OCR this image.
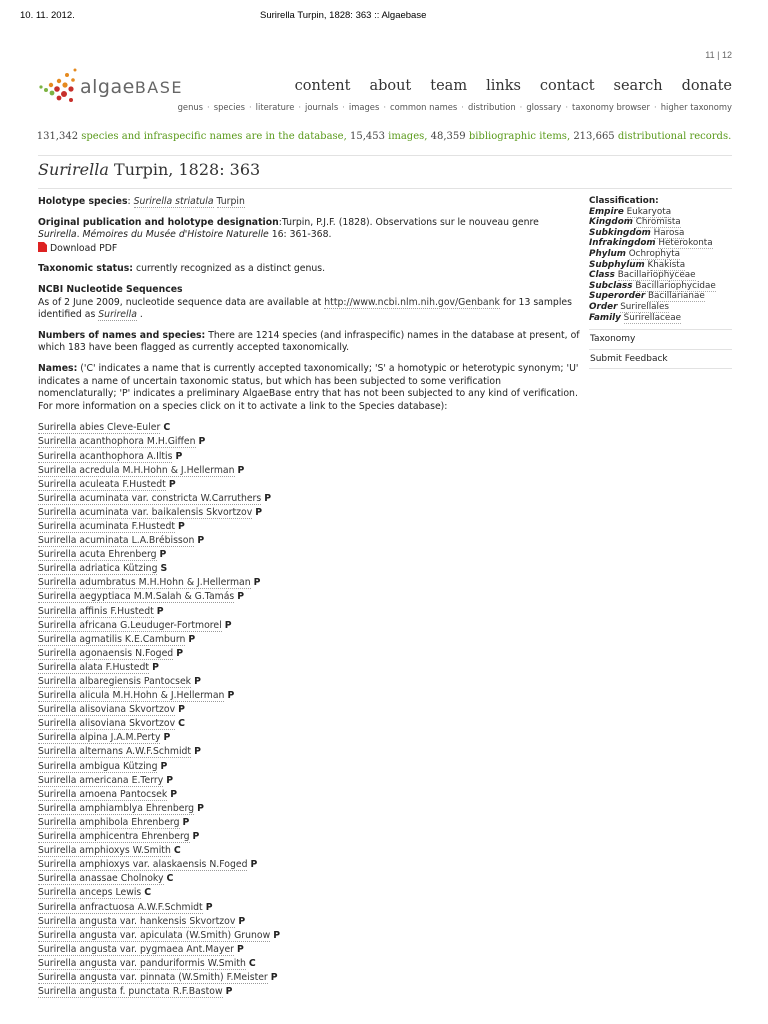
10. 11. 2012.	Surirella Turpin, 1828: 363 :: Algaebase
11 | 12
algaeBASE	content about team links contact search donate
genus · species · literature · journals · images · common names · distribution · glossary · taxonomy browser · higher taxonomy
131,342 species and infraspecific names are in the database, 15,453 images, 48,359 bibliographic items, 213,665 distributional records.
Surirella Turpin, 1828: 363

Holotype species: Surirella striatula Turpin

Original publication and holotype designation:Turpin, P.J.F. (1828). Observations sur le nouveau genre Surirella. Mémoires du Musée d'Histoire Naturelle 16: 361-368.
Download PDF

Taxonomic status: currently recognized as a distinct genus.

NCBI Nucleotide Sequences
As of 2 June 2009, nucleotide sequence data are available at http://www.ncbi.nlm.nih.gov/Genbank for 13 samples identified as Surirella .

Numbers of names and species: There are 1214 species (and infraspecific) names in the database at present, of which 183 have been flagged as currently accepted taxonomically.

Names: ('C' indicates a name that is currently accepted taxonomically; 'S' a homotypic or heterotypic synonym; 'U' indicates a name of uncertain taxonomic status, but which has been subjected to some verification nomenclaturally; 'P' indicates a preliminary AlgaeBase entry that has not been subjected to any kind of verification. For more information on a species click on it to activate a link to the Species database):

Surirella abies Cleve-Euler C
Surirella acanthophora M.H.Giffen P
Surirella acanthophora A.Iltis P
Surirella acredula M.H.Hohn & J.Hellerman P
Surirella aculeata F.Hustedt P
Surirella acuminata var. constricta W.Carruthers P
Surirella acuminata var. baikalensis Skvortzov P
Surirella acuminata F.Hustedt P
Surirella acuminata L.A.Brébisson P
Surirella acuta Ehrenberg P
Surirella adriatica Kützing S
Surirella adumbratus M.H.Hohn & J.Hellerman P
Surirella aegyptiaca M.M.Salah & G.Tamás P
Surirella affinis F.Hustedt P
Surirella africana G.Leuduger-Fortmorel P
Surirella agmatilis K.E.Camburn P
Surirella agonaensis N.Foged P
Surirella alata F.Hustedt P
Surirella albaregiensis Pantocsek P
Surirella alicula M.H.Hohn & J.Hellerman P
Surirella alisoviana Skvortzov P
Surirella alisoviana Skvortzov C
Surirella alpina J.A.M.Perty P
Surirella alternans A.W.F.Schmidt P
Surirella ambigua Kützing P
Surirella americana E.Terry P
Surirella amoena Pantocsek P
Surirella amphiamblya Ehrenberg P
Surirella amphibola Ehrenberg P
Surirella amphicentra Ehrenberg P
Surirella amphioxys W.Smith C
Surirella amphioxys var. alaskaensis N.Foged P
Surirella anassae Cholnoky C
Surirella anceps Lewis C
Surirella anfractuosa A.W.F.Schmidt P
Surirella angusta var. hankensis Skvortzov P
Surirella angusta var. apiculata (W.Smith) Grunow P
Surirella angusta var. pygmaea Ant.Mayer P
Surirella angusta var. panduriformis W.Smith C
Surirella angusta var. pinnata (W.Smith) F.Meister P
Surirella angusta f. punctata R.F.Bastow P
Classification:
Empire Eukaryota
Kingdom Chromista
Subkingdom Harosa
Infrakingdom Heterokonta
Phylum Ochrophyta
Subphylum Khakista
Class Bacillariophyceae
Subclass Bacillariophycidae
Superorder Bacillarianae
Order Surirellales
Family Surirellaceae
Taxonomy
Submit Feedback
